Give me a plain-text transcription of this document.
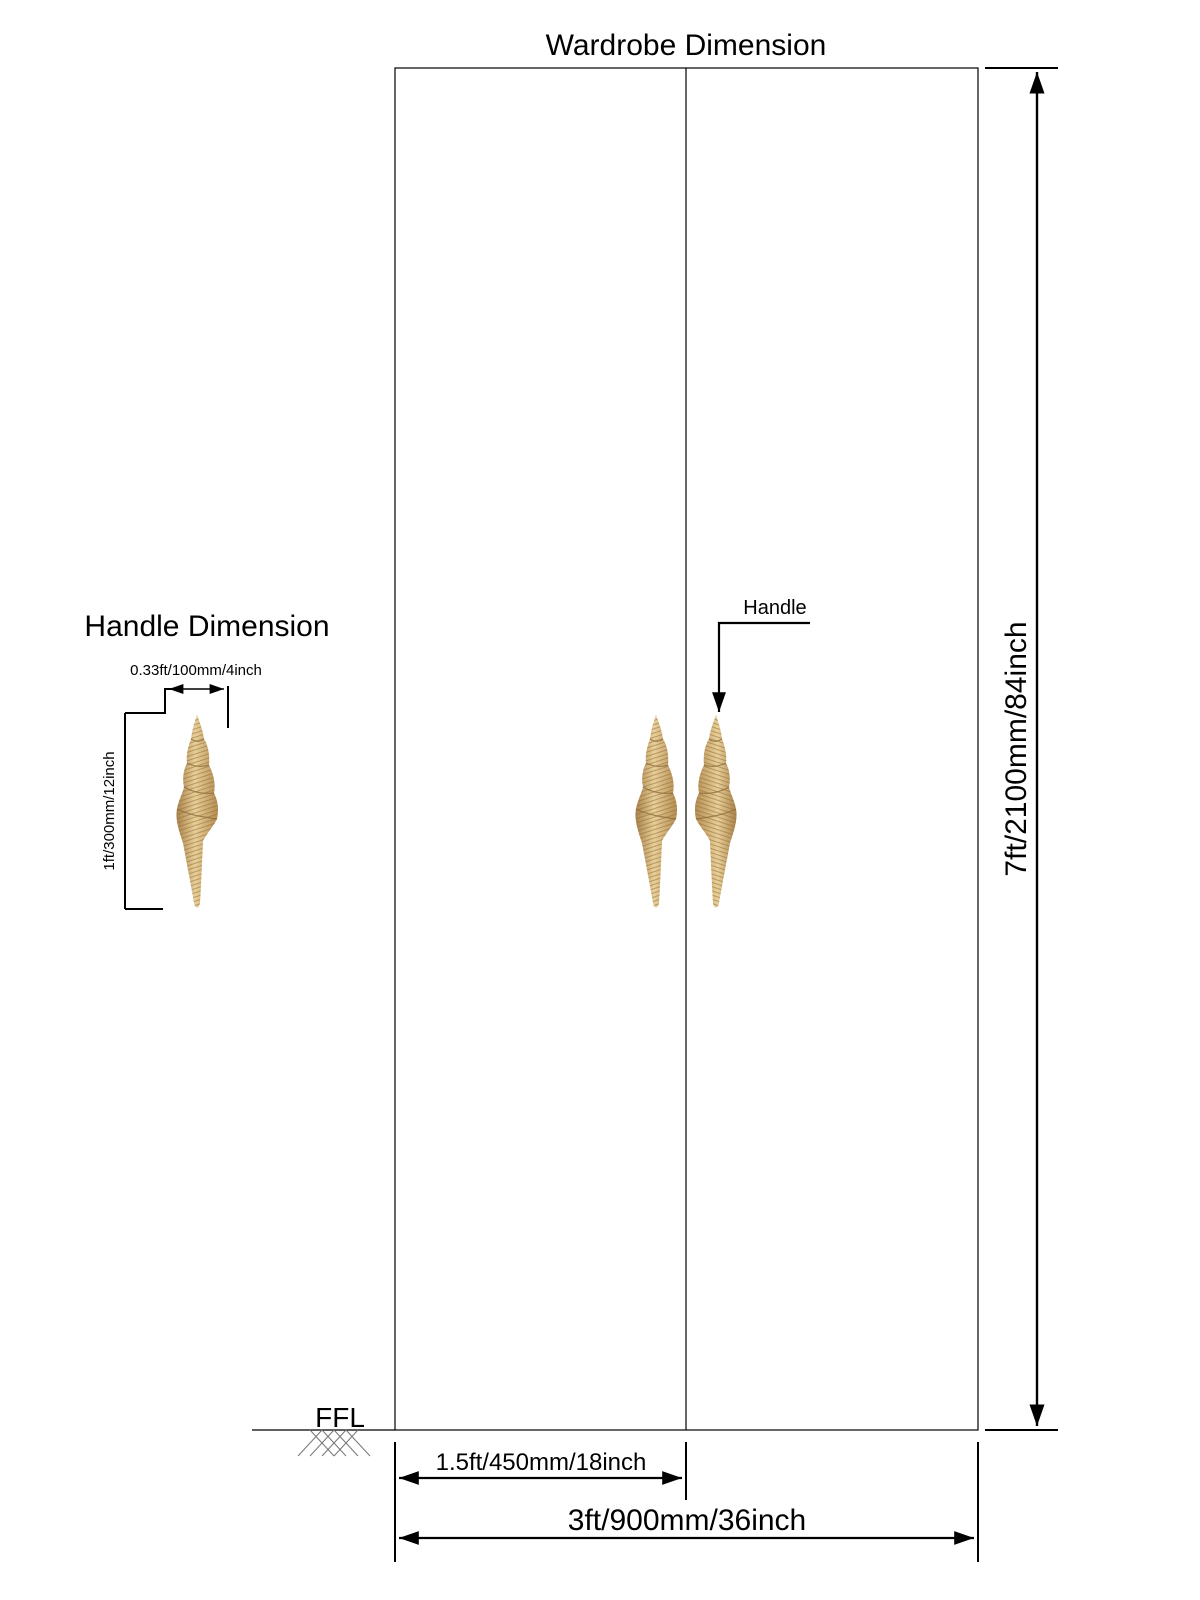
Wardrobe Dimension
FFL
7ft/2100mm/84inch
1.5ft/450mm/18inch
3ft/900mm/36inch
Handle
Handle Dimension
0.33ft/100mm/4inch
1ft/300mm/12inch
